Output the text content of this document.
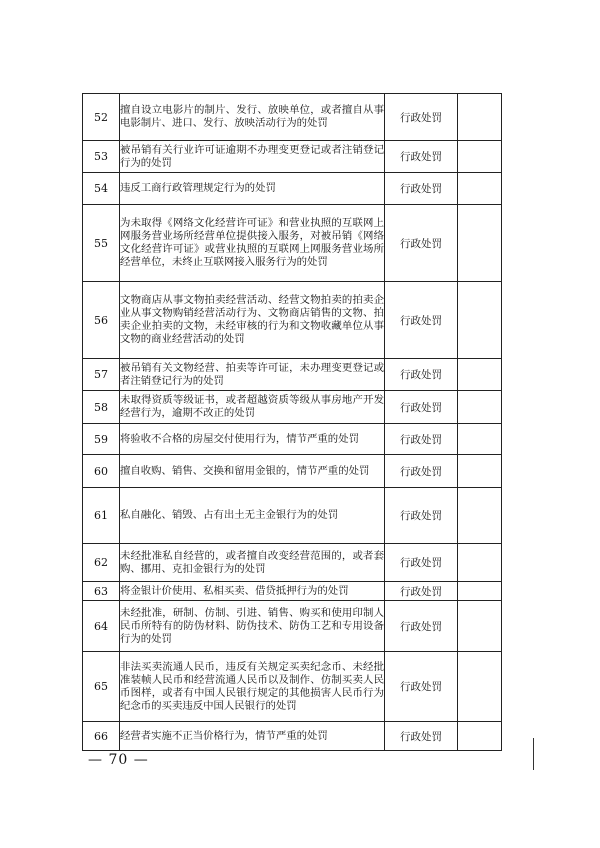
52	擅自设立电影片的制片、发行、放映单位，或者擅自从事电影制片、进口、发行、放映活动行为的处罚	行政处罚	
53	被吊销有关行业许可证逾期不办理变更登记或者注销登记行为的处罚	行政处罚	
54	违反工商行政管理规定行为的处罚	行政处罚	
55	为未取得《网络文化经营许可证》和营业执照的互联网上网服务营业场所经营单位提供接入服务，对被吊销《网络文化经营许可证》或营业执照的互联网上网服务营业场所经营单位，未终止互联网接入服务行为的处罚	行政处罚	
56	文物商店从事文物拍卖经营活动、经营文物拍卖的拍卖企业从事文物购销经营活动行为、文物商店销售的文物、拍卖企业拍卖的文物，未经审核的行为和文物收藏单位从事文物的商业经营活动的处罚	行政处罚	
57	被吊销有关文物经营、拍卖等许可证，未办理变更登记或者注销登记行为的处罚	行政处罚	
58	未取得资质等级证书，或者超越资质等级从事房地产开发经营行为，逾期不改正的处罚	行政处罚	
59	将验收不合格的房屋交付使用行为，情节严重的处罚	行政处罚	
60	擅自收购、销售、交换和留用金银的，情节严重的处罚	行政处罚	
61	私自融化、销毁、占有出土无主金银行为的处罚	行政处罚	
62	未经批准私自经营的，或者擅自改变经营范围的，或者套购、挪用、克扣金银行为的处罚	行政处罚	
63	将金银计价使用、私相买卖、借贷抵押行为的处罚	行政处罚	
64	未经批准，研制、仿制、引进、销售、购买和使用印制人民币所特有的防伪材料、防伪技术、防伪工艺和专用设备行为的处罚	行政处罚	
65	非法买卖流通人民币，违反有关规定买卖纪念币、未经批准装帧人民币和经营流通人民币以及制作、仿制买卖人民币图样，或者有中国人民银行规定的其他损害人民币行为纪念币的买卖违反中国人民银行的处罚	行政处罚	
66	经营者实施不正当价格行为，情节严重的处罚	行政处罚	
— 70 —
